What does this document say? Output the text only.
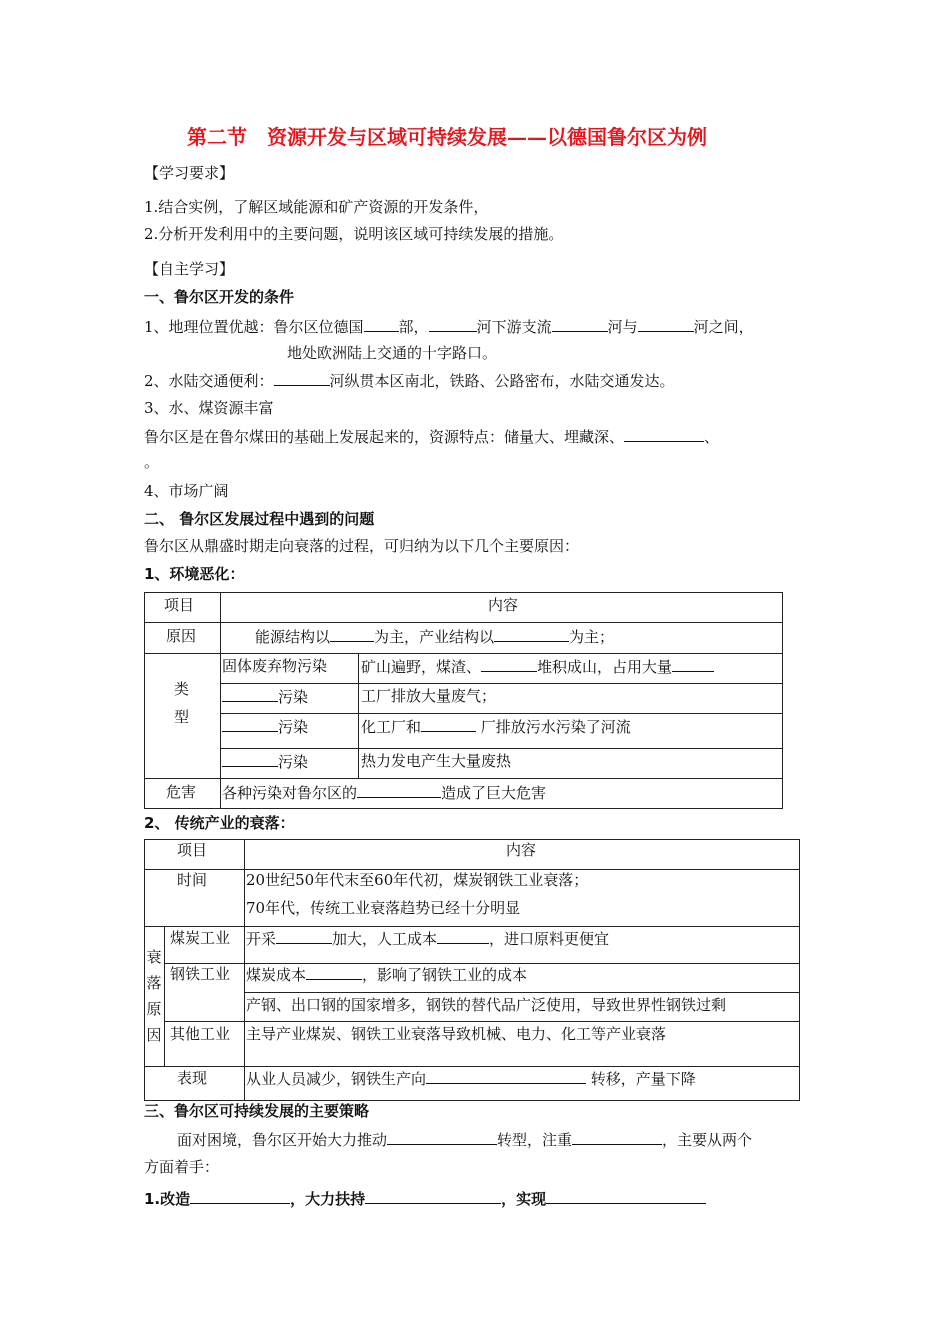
第二节　资源开发与区域可持续发展——以德国鲁尔区为例
【学习要求】
1.结合实例，了解区域能源和矿产资源的开发条件，
2.分析开发利用中的主要问题，说明该区域可持续发展的措施。
【自主学习】
一、鲁尔区开发的条件
1、地理位置优越：鲁尔区位德国 部，	河下游支流	河与	河之间，
地处欧洲陆上交通的十字路口。
2、水陆交通便利：	河纵贯本区南北，铁路、公路密布，水陆交通发达。
3、水、煤资源丰富
鲁尔区是在鲁尔煤田的基础上发展起来的，资源特点：储量大、埋藏深、	、
。
4、市场广阔
二、 鲁尔区发展过程中遇到的问题
鲁尔区从鼎盛时期走向衰落的过程，可归纳为以下几个主要原因：
1、环境恶化：
项目	内容
原因	能源结构以	为主，产业结构以	为主；
类
型
固体废弃物污染 矿山遍野，煤渣、	堆积成山，占用大量
污染	工厂排放大量废气；
污染	化工厂和	厂排放污水污染了河流
污染	热力发电产生大量废热
危害 各种污染对鲁尔区的	造成了巨大危害
2、 传统产业的衰落：
项目	内容
时间	20世纪50年代末至60年代初，煤炭钢铁工业衰落；
70年代，传统工业衰落趋势已经十分明显
衰
落
原
因
煤炭工业 开采	加大，人工成本	，进口原料更便宜
钢铁工业 煤炭成本	，影响了钢铁工业的成本
产钢、出口钢的国家增多，钢铁的替代品广泛使用，导致世界性钢铁过剩
其他工业 主导产业煤炭、钢铁工业衰落导致机械、电力、化工等产业衰落
表现	从业人员减少，钢铁生产向	转移，产量下降
三、鲁尔区可持续发展的主要策略
面对困境，鲁尔区开始大力推动	转型，注重	，主要从两个
方面着手：
1.改造	，大力扶持	，实现
